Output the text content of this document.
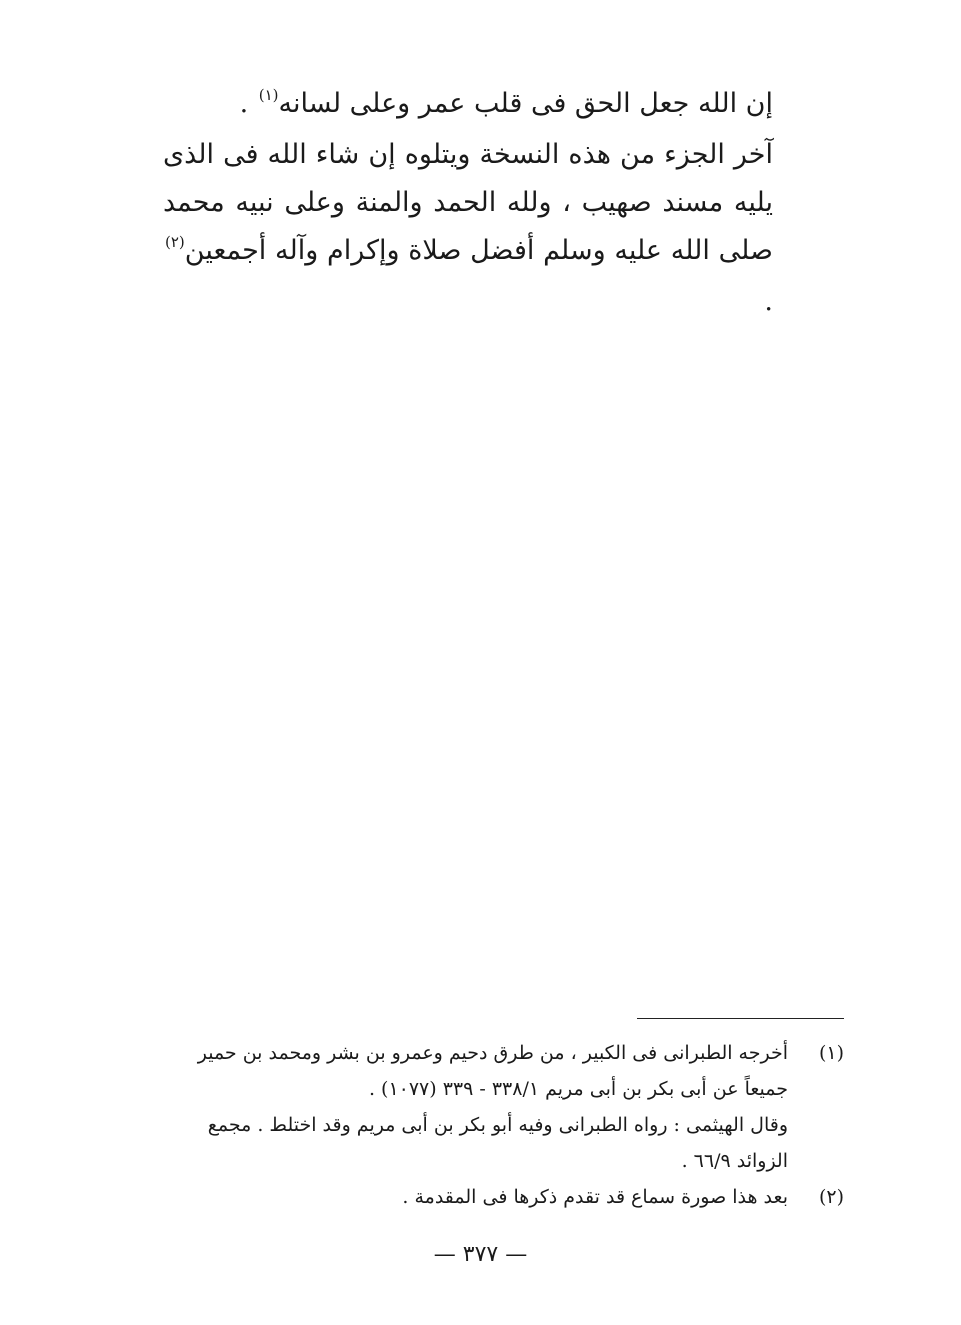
إن الله جعل الحق فى قلب عمر وعلى لسانه$^{(١)}$ .

آخر الجزء من هذه النسخة ويتلوه إن شاء الله فى الذى يليه مسند صهيب ، ولله الحمد والمنة وعلى نبيه محمد صلى الله عليه وسلم أفضل صلاة وإكرام وآله أجمعين$^{(٢)}$ .

(١)

أخرجه الطبرانى فى الكبير ، من طرق دحيم وعمرو بن بشر ومحمد بن حمير جميعاً عن أبى بكر بن أبى مريم ٣٣٨/١ - ٣٣٩ (١٠٧٧) .

وقال الهيثمى : رواه الطبرانى وفيه أبو بكر بن أبى مريم وقد اختلط . مجمع الزوائد ٦٦/٩ .

(٢)

بعد هذا صورة سماع قد تقدم ذكرها فى المقدمة .

— ٣٧٧ —
